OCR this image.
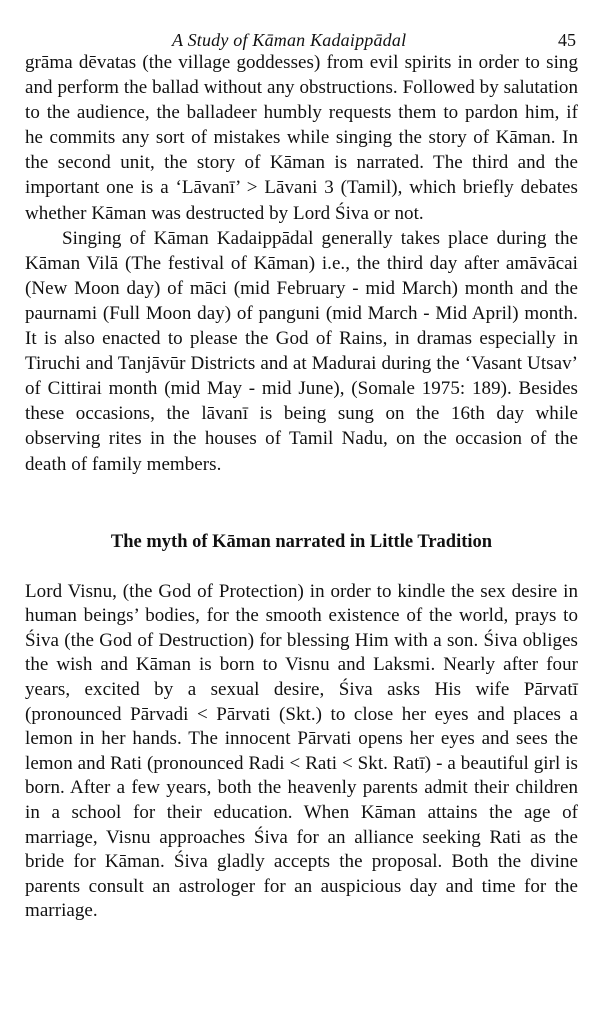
A Study of Kāman Kadaippādal	45

grāma dēvatas (the village goddesses) from evil spirits in order to sing and perform the ballad without any obstructions. Followed by salutation to the audience, the balladeer humbly requests them to pardon him, if he commits any sort of mistakes while singing the story of Kāman. In the second unit, the story of Kāman is narrated. The third and the important one is a ‘Lāvanī’ > Lāvani 3 (Tamil), which briefly debates whether Kāman was destructed by Lord Śiva or not.

Singing of Kāman Kadaippādal generally takes place during the Kāman Vilā (The festival of Kāman) i.e., the third day after amāvācai (New Moon day) of māci (mid February - mid March) month and the paurnami (Full Moon day) of panguni (mid March - Mid April) month. It is also enacted to please the God of Rains, in dramas especially in Tiruchi and Tanjāvūr Districts and at Madurai during the ‘Vasant Utsav’ of Cittirai month (mid May - mid June), (Somale 1975: 189). Besides these occasions, the lāvanī is being sung on the 16th day while observing rites in the houses of Tamil Nadu, on the occasion of the death of family members.

The myth of Kāman narrated in Little Tradition

Lord Visnu, (the God of Protection) in order to kindle the sex desire in human beings’ bodies, for the smooth existence of the world, prays to Śiva (the God of Destruction) for blessing Him with a son. Śiva obliges the wish and Kāman is born to Visnu and Laksmi. Nearly after four years, excited by a sexual desire, Śiva asks His wife Pārvatī (pronounced Pārvadi < Pārvati (Skt.) to close her eyes and places a lemon in her hands. The innocent Pārvati opens her eyes and sees the lemon and Rati (pronounced Radi < Rati < Skt. Ratī) - a beautiful girl is born. After a few years, both the heavenly parents admit their children in a school for their education. When Kāman attains the age of marriage, Visnu approaches Śiva for an alliance seeking Rati as the bride for Kāman. Śiva gladly accepts the proposal. Both the divine parents consult an astrologer for an auspicious day and time for the marriage.
